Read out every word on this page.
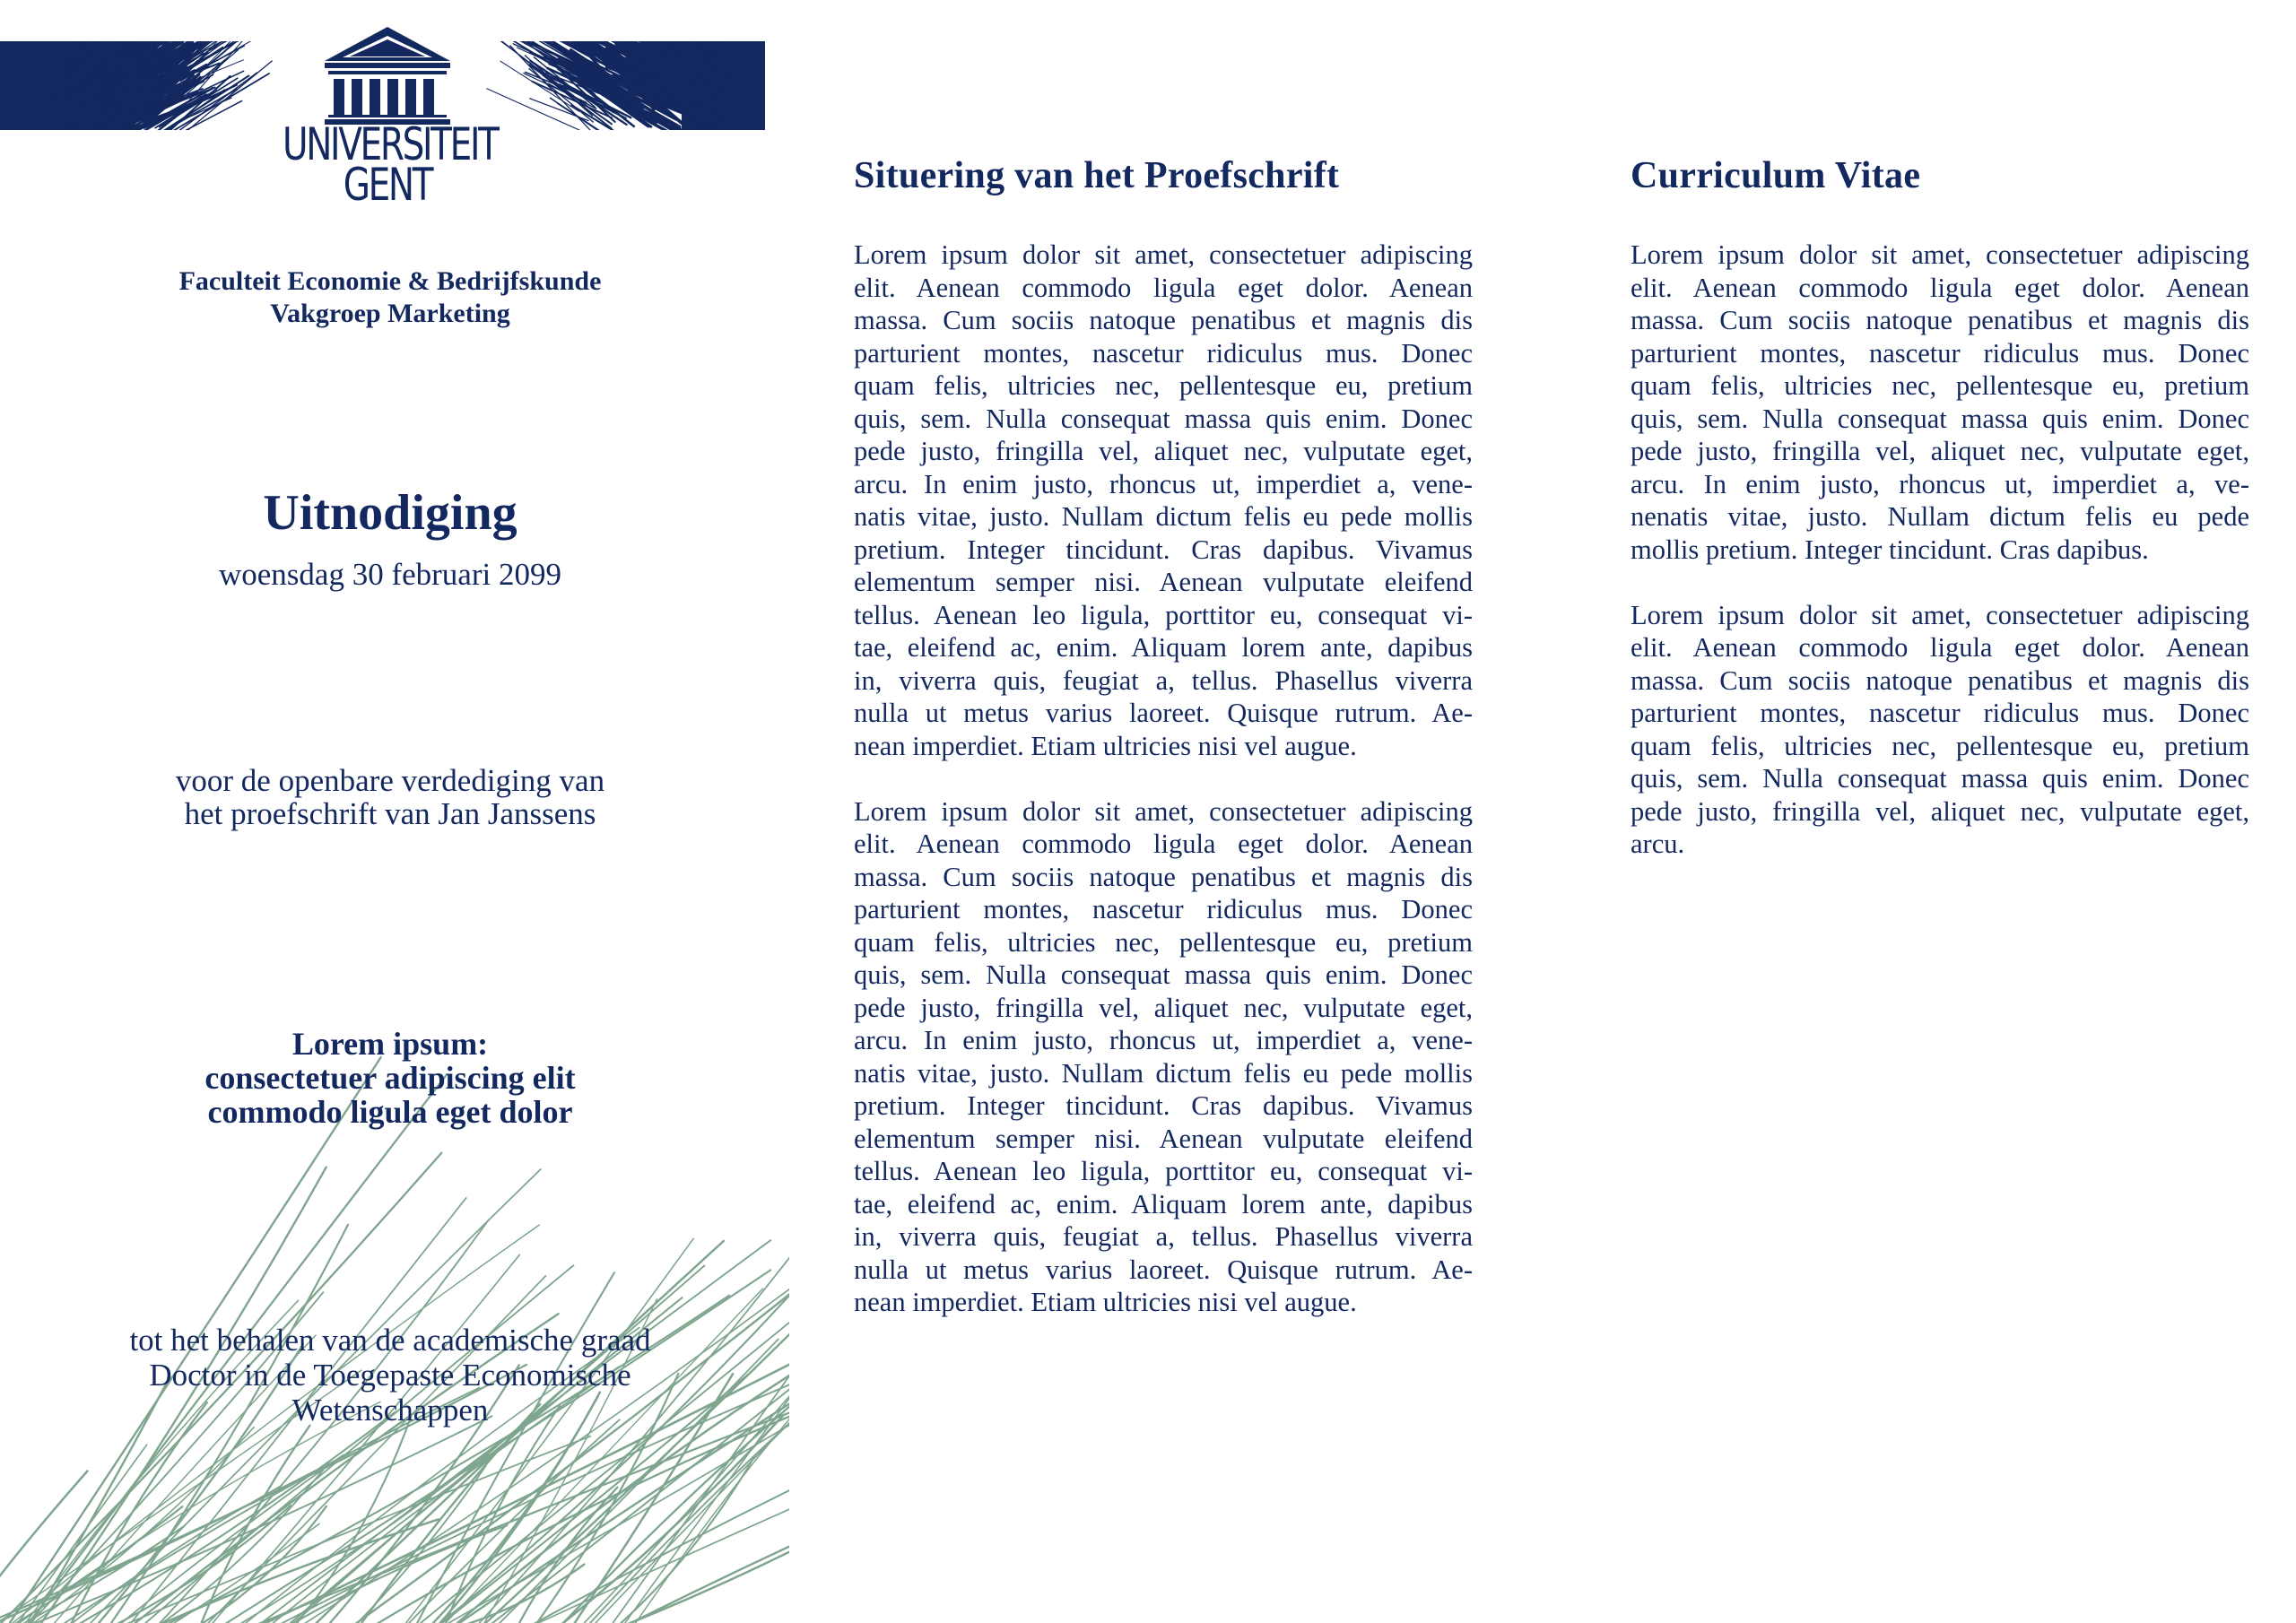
UNIVERSITEIT
GENT
Faculteit Economie & Bedrijfskunde
Vakgroep Marketing
Uitnodiging
woensdag 30 februari 2099
voor de openbare verdediging van
het proefschrift van Jan Janssens
Lorem ipsum:
consectetuer adipiscing elit
commodo ligula eget dolor
tot het behalen van de academische graad
Doctor in de Toegepaste Economische
Wetenschappen
Situering van het Proefschrift
Lorem ipsum dolor sit amet, consectetuer adipiscing
elit. Aenean commodo ligula eget dolor. Aenean
massa. Cum sociis natoque penatibus et magnis dis
parturient montes, nascetur ridiculus mus. Donec
quam felis, ultricies nec, pellentesque eu, pretium
quis, sem. Nulla consequat massa quis enim. Donec
pede justo, fringilla vel, aliquet nec, vulputate eget,
arcu. In enim justo, rhoncus ut, imperdiet a, vene-
natis vitae, justo. Nullam dictum felis eu pede mollis
pretium. Integer tincidunt. Cras dapibus. Vivamus
elementum semper nisi. Aenean vulputate eleifend
tellus. Aenean leo ligula, porttitor eu, consequat vi-
tae, eleifend ac, enim. Aliquam lorem ante, dapibus
in, viverra quis, feugiat a, tellus. Phasellus viverra
nulla ut metus varius laoreet. Quisque rutrum. Ae-
nean imperdiet. Etiam ultricies nisi vel augue.
Lorem ipsum dolor sit amet, consectetuer adipiscing
elit. Aenean commodo ligula eget dolor. Aenean
massa. Cum sociis natoque penatibus et magnis dis
parturient montes, nascetur ridiculus mus. Donec
quam felis, ultricies nec, pellentesque eu, pretium
quis, sem. Nulla consequat massa quis enim. Donec
pede justo, fringilla vel, aliquet nec, vulputate eget,
arcu. In enim justo, rhoncus ut, imperdiet a, vene-
natis vitae, justo. Nullam dictum felis eu pede mollis
pretium. Integer tincidunt. Cras dapibus. Vivamus
elementum semper nisi. Aenean vulputate eleifend
tellus. Aenean leo ligula, porttitor eu, consequat vi-
tae, eleifend ac, enim. Aliquam lorem ante, dapibus
in, viverra quis, feugiat a, tellus. Phasellus viverra
nulla ut metus varius laoreet. Quisque rutrum. Ae-
nean imperdiet. Etiam ultricies nisi vel augue.
Curriculum Vitae
Lorem ipsum dolor sit amet, consectetuer adipiscing
elit. Aenean commodo ligula eget dolor. Aenean
massa. Cum sociis natoque penatibus et magnis dis
parturient montes, nascetur ridiculus mus. Donec
quam felis, ultricies nec, pellentesque eu, pretium
quis, sem. Nulla consequat massa quis enim. Donec
pede justo, fringilla vel, aliquet nec, vulputate eget,
arcu. In enim justo, rhoncus ut, imperdiet a, ve-
nenatis vitae, justo. Nullam dictum felis eu pede
mollis pretium. Integer tincidunt. Cras dapibus.
Lorem ipsum dolor sit amet, consectetuer adipiscing
elit. Aenean commodo ligula eget dolor. Aenean
massa. Cum sociis natoque penatibus et magnis dis
parturient montes, nascetur ridiculus mus. Donec
quam felis, ultricies nec, pellentesque eu, pretium
quis, sem. Nulla consequat massa quis enim. Donec
pede justo, fringilla vel, aliquet nec, vulputate eget,
arcu.
